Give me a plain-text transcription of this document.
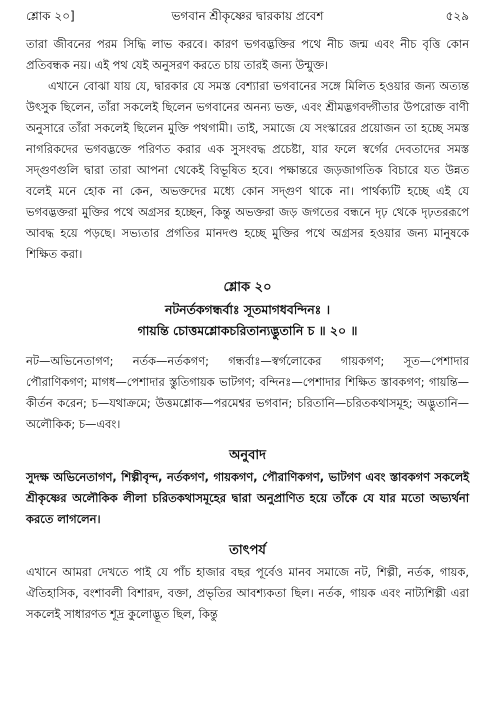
শ্লোক ২০]	ভগবান শ্রীকৃষ্ণের দ্বারকায় প্রবেশ	৫২৯

তারা জীবনের পরম সিদ্ধি লাভ করবে। কারণ ভগবদ্ভক্তির পথে নীচ জন্ম এবং নীচ বৃত্তি কোন প্রতিবন্ধক নয়। এই পথ যেই অনুসরণ করতে চায় তারই জন্য উন্মুক্ত।

এখানে বোঝা যায় যে, দ্বারকার যে সমস্ত বেশ্যারা ভগবানের সঙ্গে মিলিত হওয়ার জন্য অত্যন্ত উৎসুক ছিলেন, তাঁরা সকলেই ছিলেন ভগবানের অনন্য ভক্ত, এবং শ্রীমদ্ভগবদ্গীতার উপরোক্ত বাণী অনুসারে তাঁরা সকলেই ছিলেন মুক্তি পথগামী। তাই, সমাজে যে সংস্কারের প্রয়োজন তা হচ্ছে সমস্ত নাগরিকদের ভগবদ্ভক্তে পরিণত করার এক সুসংবদ্ধ প্রচেষ্টা, যার ফলে স্বর্গের দেবতাদের সমস্ত সদ্গুণগুলি দ্বারা তারা আপনা থেকেই বিভূষিত হবে। পক্ষান্তরে জড়জাগতিক বিচারে যত উন্নত বলেই মনে হোক না কেন, অভক্তদের মধ্যে কোন সদ্গুণ থাকে না। পার্থক্যটি হচ্ছে এই যে ভগবদ্ভক্তরা মুক্তির পথে অগ্রসর হচ্ছেন, কিন্তু অভক্তরা জড় জগতের বন্ধনে দৃঢ় থেকে দৃঢ়তররূপে আবদ্ধ হয়ে পড়ছে। সভ্যতার প্রগতির মানদণ্ড হচ্ছে মুক্তির পথে অগ্রসর হওয়ার জন্য মানুষকে শিক্ষিত করা।

শ্লোক ২০

নটনর্তকগন্ধর্বাঃ সূতমাগধবন্দিনঃ ।

গায়ন্তি চোত্তমশ্লোকচরিতান্যদ্ভুতানি চ ॥ ২০ ॥

নট—অভিনেতাগণ; নর্তক—নর্তকগণ; গন্ধর্বাঃ—স্বর্গলোকের গায়কগণ; সূত—পেশাদার পৌরাণিকগণ; মাগধ—পেশাদার স্তুতিগায়ক ভাটগণ; বন্দিনঃ—পেশাদার শিক্ষিত স্তাবকগণ; গায়ন্তি—কীর্তন করেন; চ—যথাক্রমে; উত্তমশ্লোক—পরমেশ্বর ভগবান; চরিতানি—চরিতকথাসমূহ; অদ্ভুতানি—অলৌকিক; চ—এবং।

অনুবাদ

সুদক্ষ অভিনেতাগণ, শিল্পীবৃন্দ, নর্তকগণ, গায়কগণ, পৌরাণিকগণ, ভাটগণ এবং স্তাবকগণ সকলেই শ্রীকৃষ্ণের অলৌকিক লীলা চরিতকথাসমূহের দ্বারা অনুপ্রাণিত হয়ে তাঁকে যে যার মতো অভ্যর্থনা করতে লাগলেন।

তাৎপর্য

এখানে আমরা দেখতে পাই যে পাঁচ হাজার বছর পূর্বেও মানব সমাজে নট, শিল্পী, নর্তক, গায়ক, ঐতিহাসিক, বংশাবলী বিশারদ, বক্তা, প্রভৃতির আবশ্যকতা ছিল। নর্তক, গায়ক এবং নাট্যশিল্পী এরা সকলেই সাধারণত শূদ্র কুলোদ্ভূত ছিল, কিন্তু
